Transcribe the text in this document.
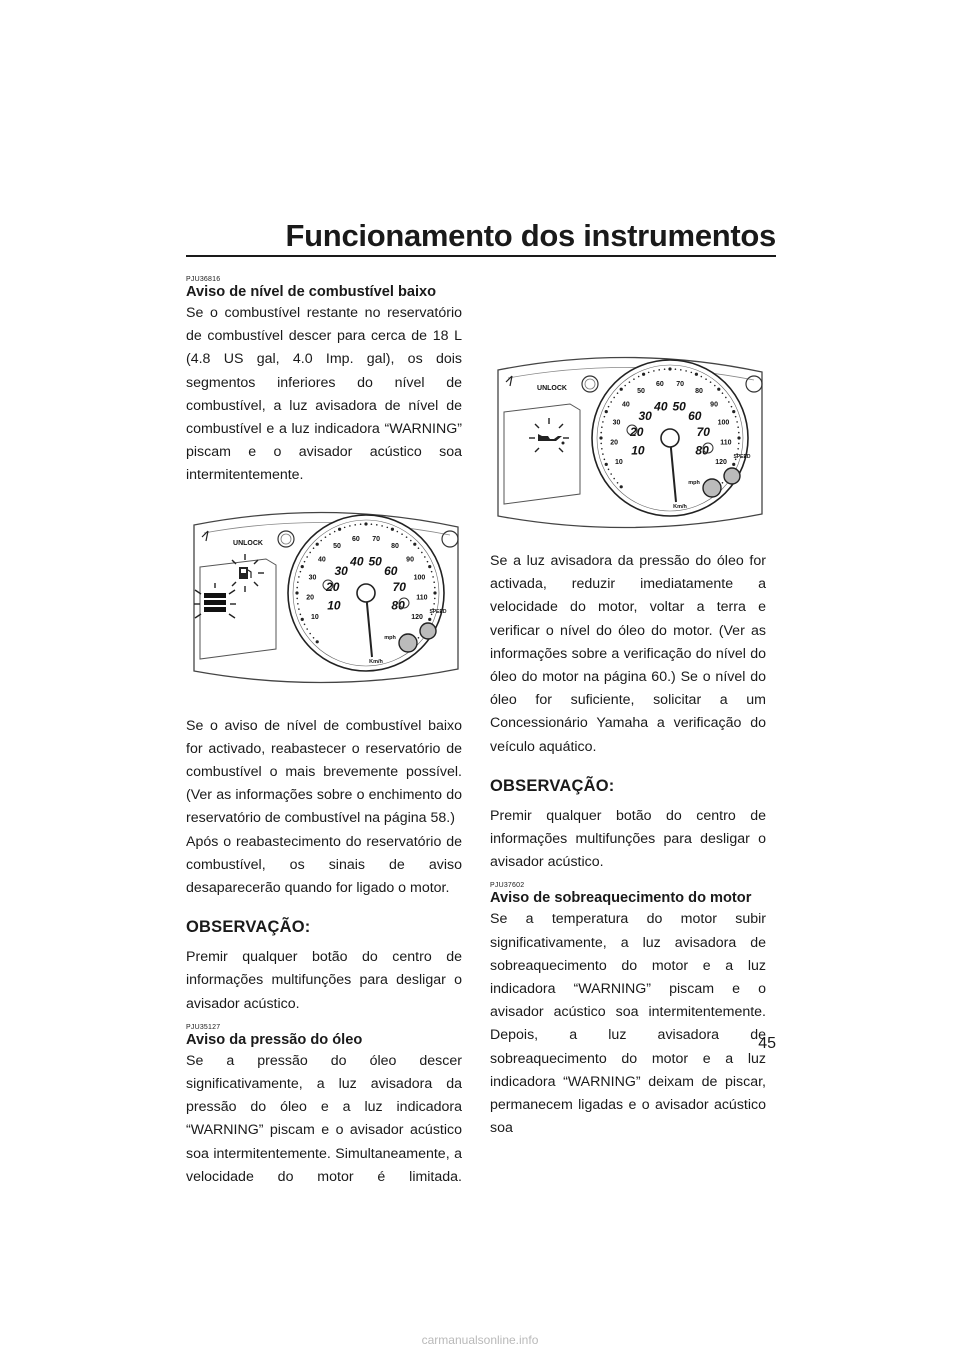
Funcionamento dos instrumentos
PJU36816
Aviso de nível de combustível baixo

Se o combustível restante no reservatório de combustível descer para cerca de 18 L (4.8 US gal, 4.0 Imp. gal), os dois segmentos inferiores do nível de combustível, a luz avisadora de nível de combustível e a luz indicadora “WARNING” piscam e o avisador acústico soa intermitentemente.

UNLOCK
10
20
30
40
50
60 70
80
90
100
110
120
10
20
30
40 50
60
70
80
mph
SPEED
Km/h

Se o aviso de nível de combustível baixo for activado, reabastecer o reservatório de combustível o mais brevemente possível. (Ver as informações sobre o enchimento do reservatório de combustível na página 58.)

Após o reabastecimento do reservatório de combustível, os sinais de aviso desaparecerão quando for ligado o motor.

OBSERVAÇÃO:

Premir qualquer botão do centro de informações multifunções para desligar o avisador acústico.

PJU35127
Aviso da pressão do óleo

Se a pressão do óleo descer significativamente, a luz avisadora da pressão do óleo e a luz indicadora “WARNING” piscam e o avisador acústico soa intermitentemente. Simultaneamente, a velocidade do motor é limitada.

UNLOCK
10
20
30
40
50
60 70
80
90
100
110
120
10
20
30
40 50
60
70
80
mph
SPEED
Km/h

Se a luz avisadora da pressão do óleo for activada, reduzir imediatamente a velocidade do motor, voltar a terra e verificar o nível do óleo do motor. (Ver as informações sobre a verificação do nível do óleo do motor na página 60.) Se o nível do óleo for suficiente, solicitar a um Concessionário Yamaha a verificação do veículo aquático.

OBSERVAÇÃO:

Premir qualquer botão do centro de informações multifunções para desligar o avisador acústico.

PJU37602
Aviso de sobreaquecimento do motor

Se a temperatura do motor subir significativamente, a luz avisadora de sobreaquecimento do motor e a luz indicadora “WARNING” piscam e o avisador acústico soa intermitentemente. Depois, a luz avisadora de sobreaquecimento do motor e a luz indicadora “WARNING” deixam de piscar, permanecem ligadas e o avisador acústico soa

45
carmanualsonline.info
